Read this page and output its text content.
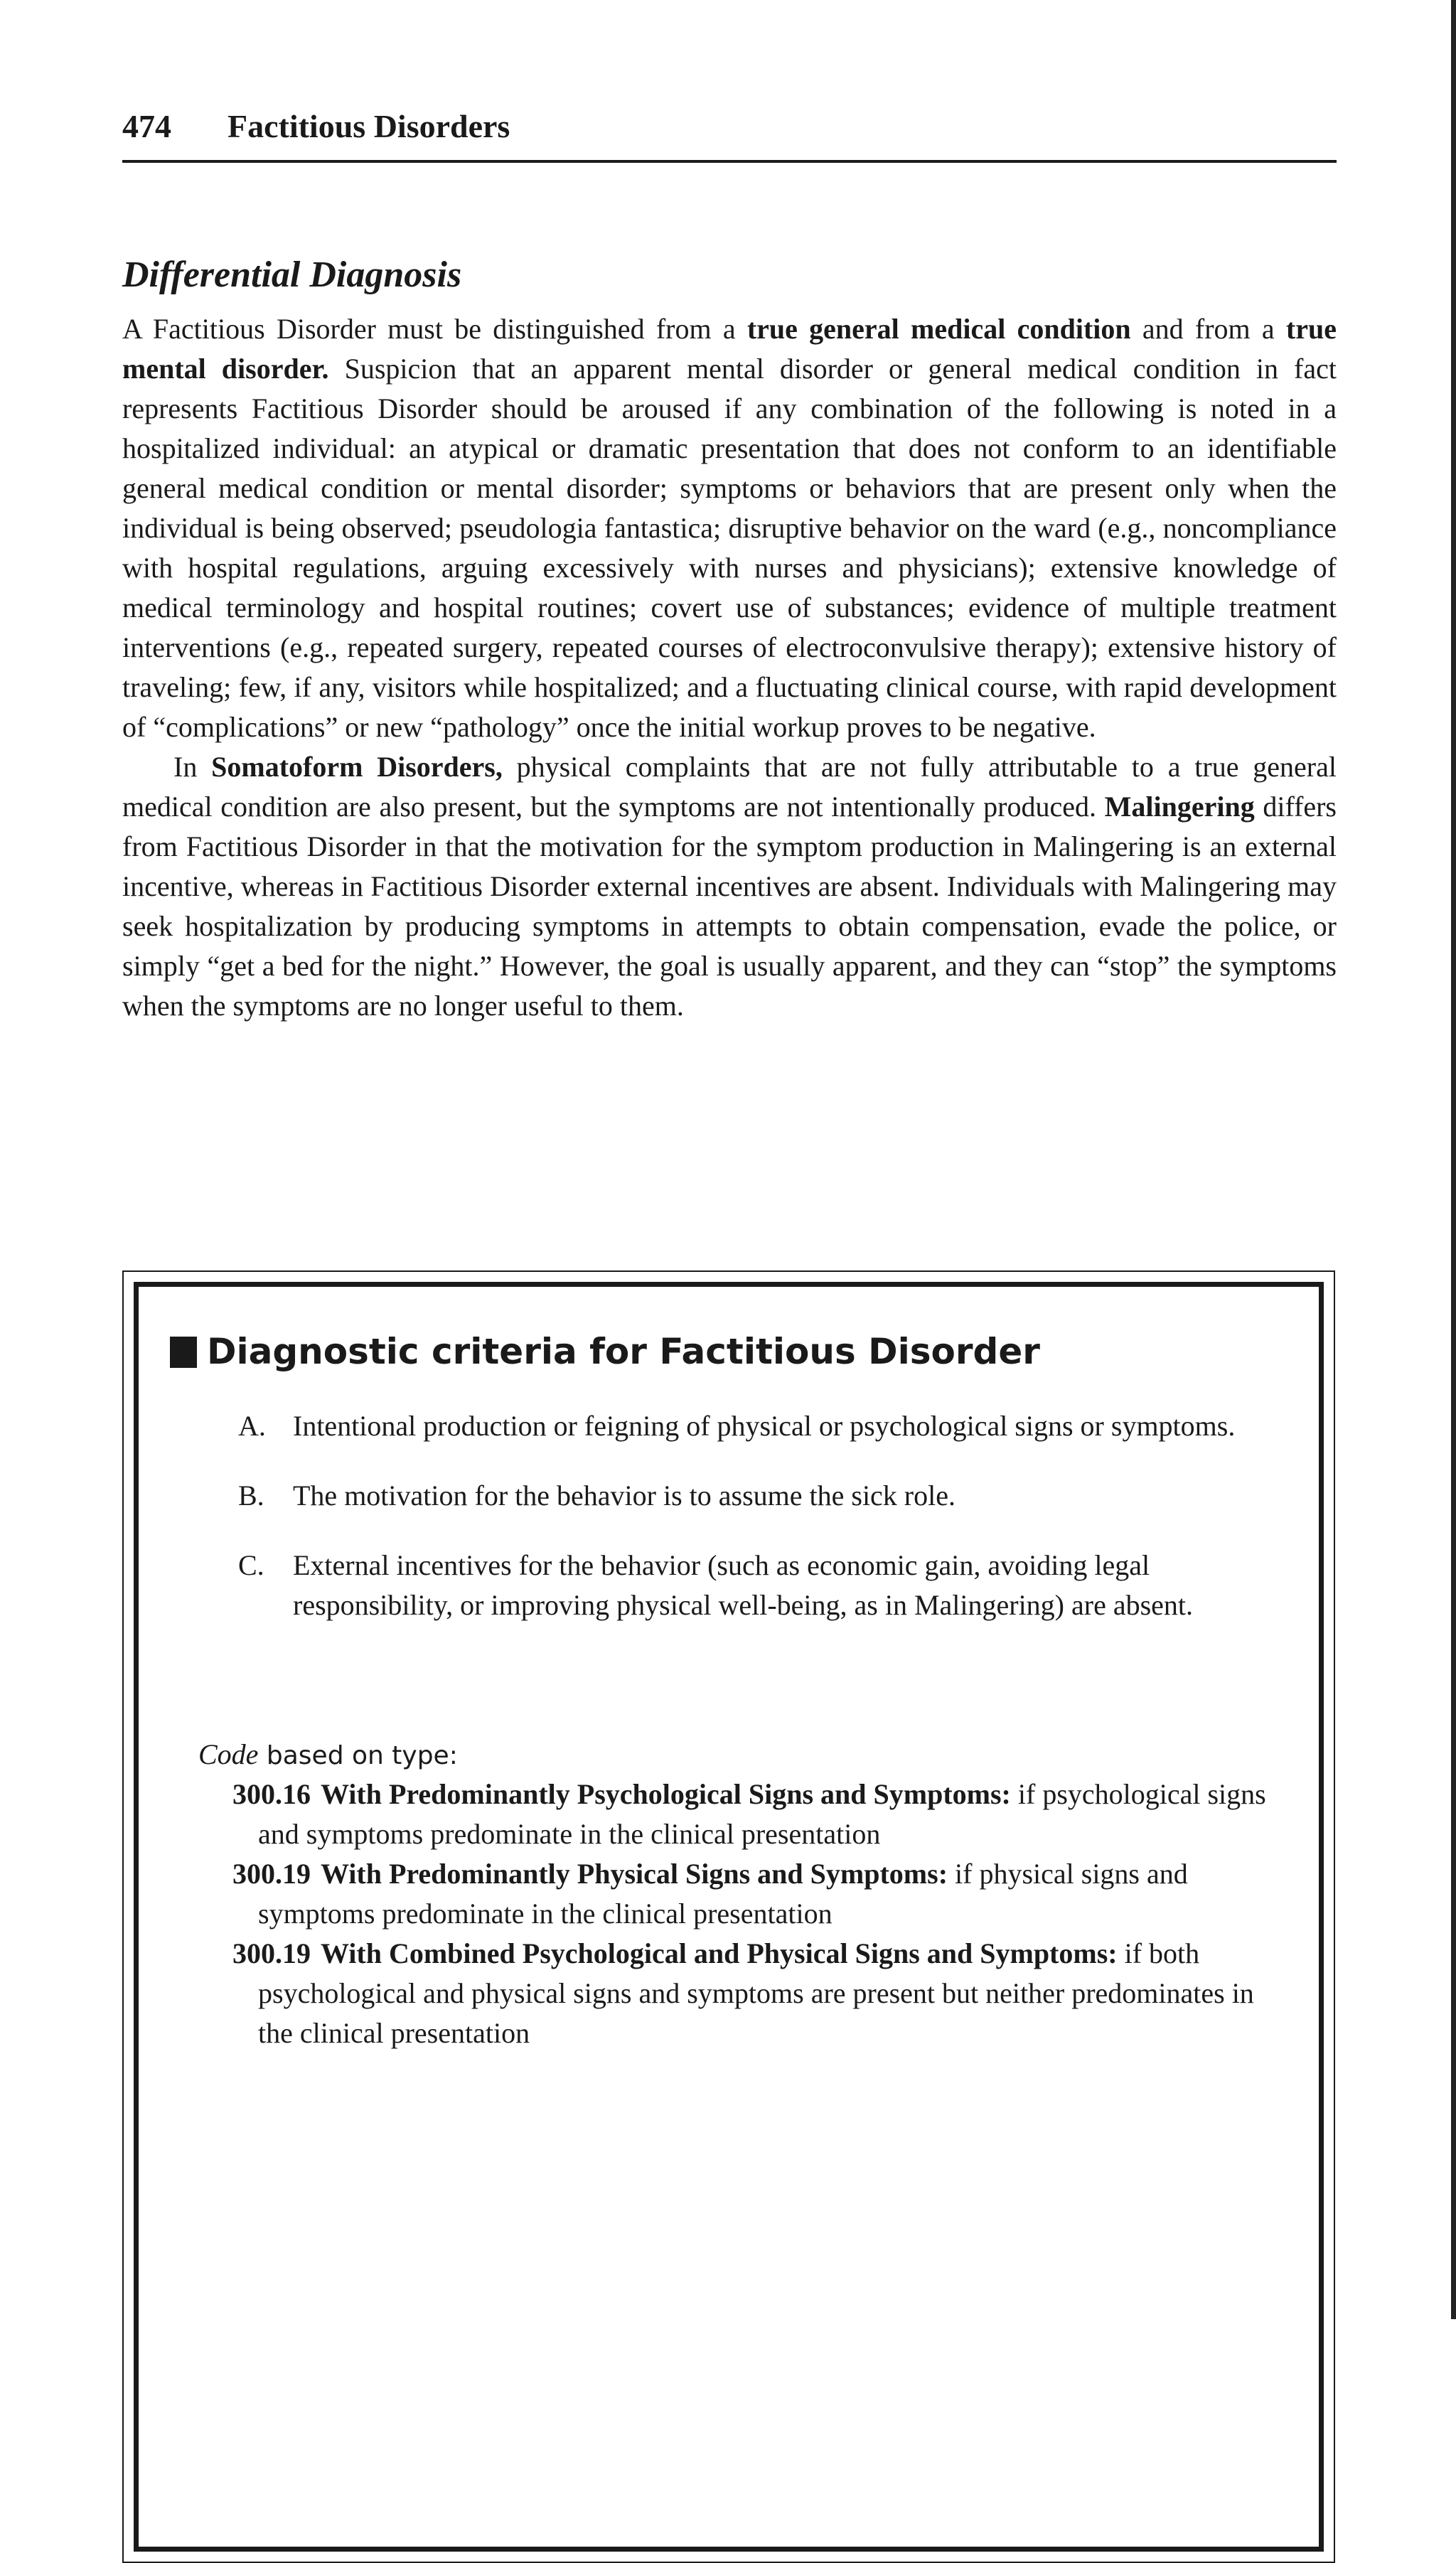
474 Factitious Disorders
Differential Diagnosis

A Factitious Disorder must be distinguished from a true general medical condition and from a true mental disorder. Suspicion that an apparent mental disorder or general medical condition in fact represents Factitious Disorder should be aroused if any combination of the following is noted in a hospitalized individual: an atypical or dramatic presentation that does not conform to an identifiable general medical condition or mental disorder; symptoms or behaviors that are present only when the individual is being observed; pseudologia fantastica; disruptive behavior on the ward (e.g., noncompliance with hospital regulations, arguing excessively with nurses and physicians); extensive knowledge of medical terminology and hospital routines; covert use of substances; evidence of multiple treatment interventions (e.g., repeated surgery, repeated courses of electroconvulsive therapy); extensive history of traveling; few, if any, visitors while hospitalized; and a fluctuating clinical course, with rapid development of “complications” or new “pathology” once the initial workup proves to be negative.

In Somatoform Disorders, physical complaints that are not fully attributable to a true general medical condition are also present, but the symptoms are not intentionally produced. Malingering differs from Factitious Disorder in that the motivation for the symptom production in Malingering is an external incentive, whereas in Factitious Disorder external incentives are absent. Individuals with Malingering may seek hospitalization by producing symptoms in attempts to obtain compensation, evade the police, or simply “get a bed for the night.” However, the goal is usually apparent, and they can “stop” the symptoms when the symptoms are no longer useful to them.

Diagnostic criteria for Factitious Disorder
A. Intentional production or feigning of physical or psychological signs or symptoms.
B. The motivation for the behavior is to assume the sick role.
C. External incentives for the behavior (such as economic gain, avoiding legal responsibility, or improving physical well-being, as in Malingering) are absent.
Code based on type:
300.16 With Predominantly Psychological Signs and Symptoms: if psychological signs and symptoms predominate in the clinical presentation
300.19 With Predominantly Physical Signs and Symptoms: if physical signs and symptoms predominate in the clinical presentation
300.19 With Combined Psychological and Physical Signs and Symptoms: if both psychological and physical signs and symptoms are present but neither predominates in the clinical presentation
